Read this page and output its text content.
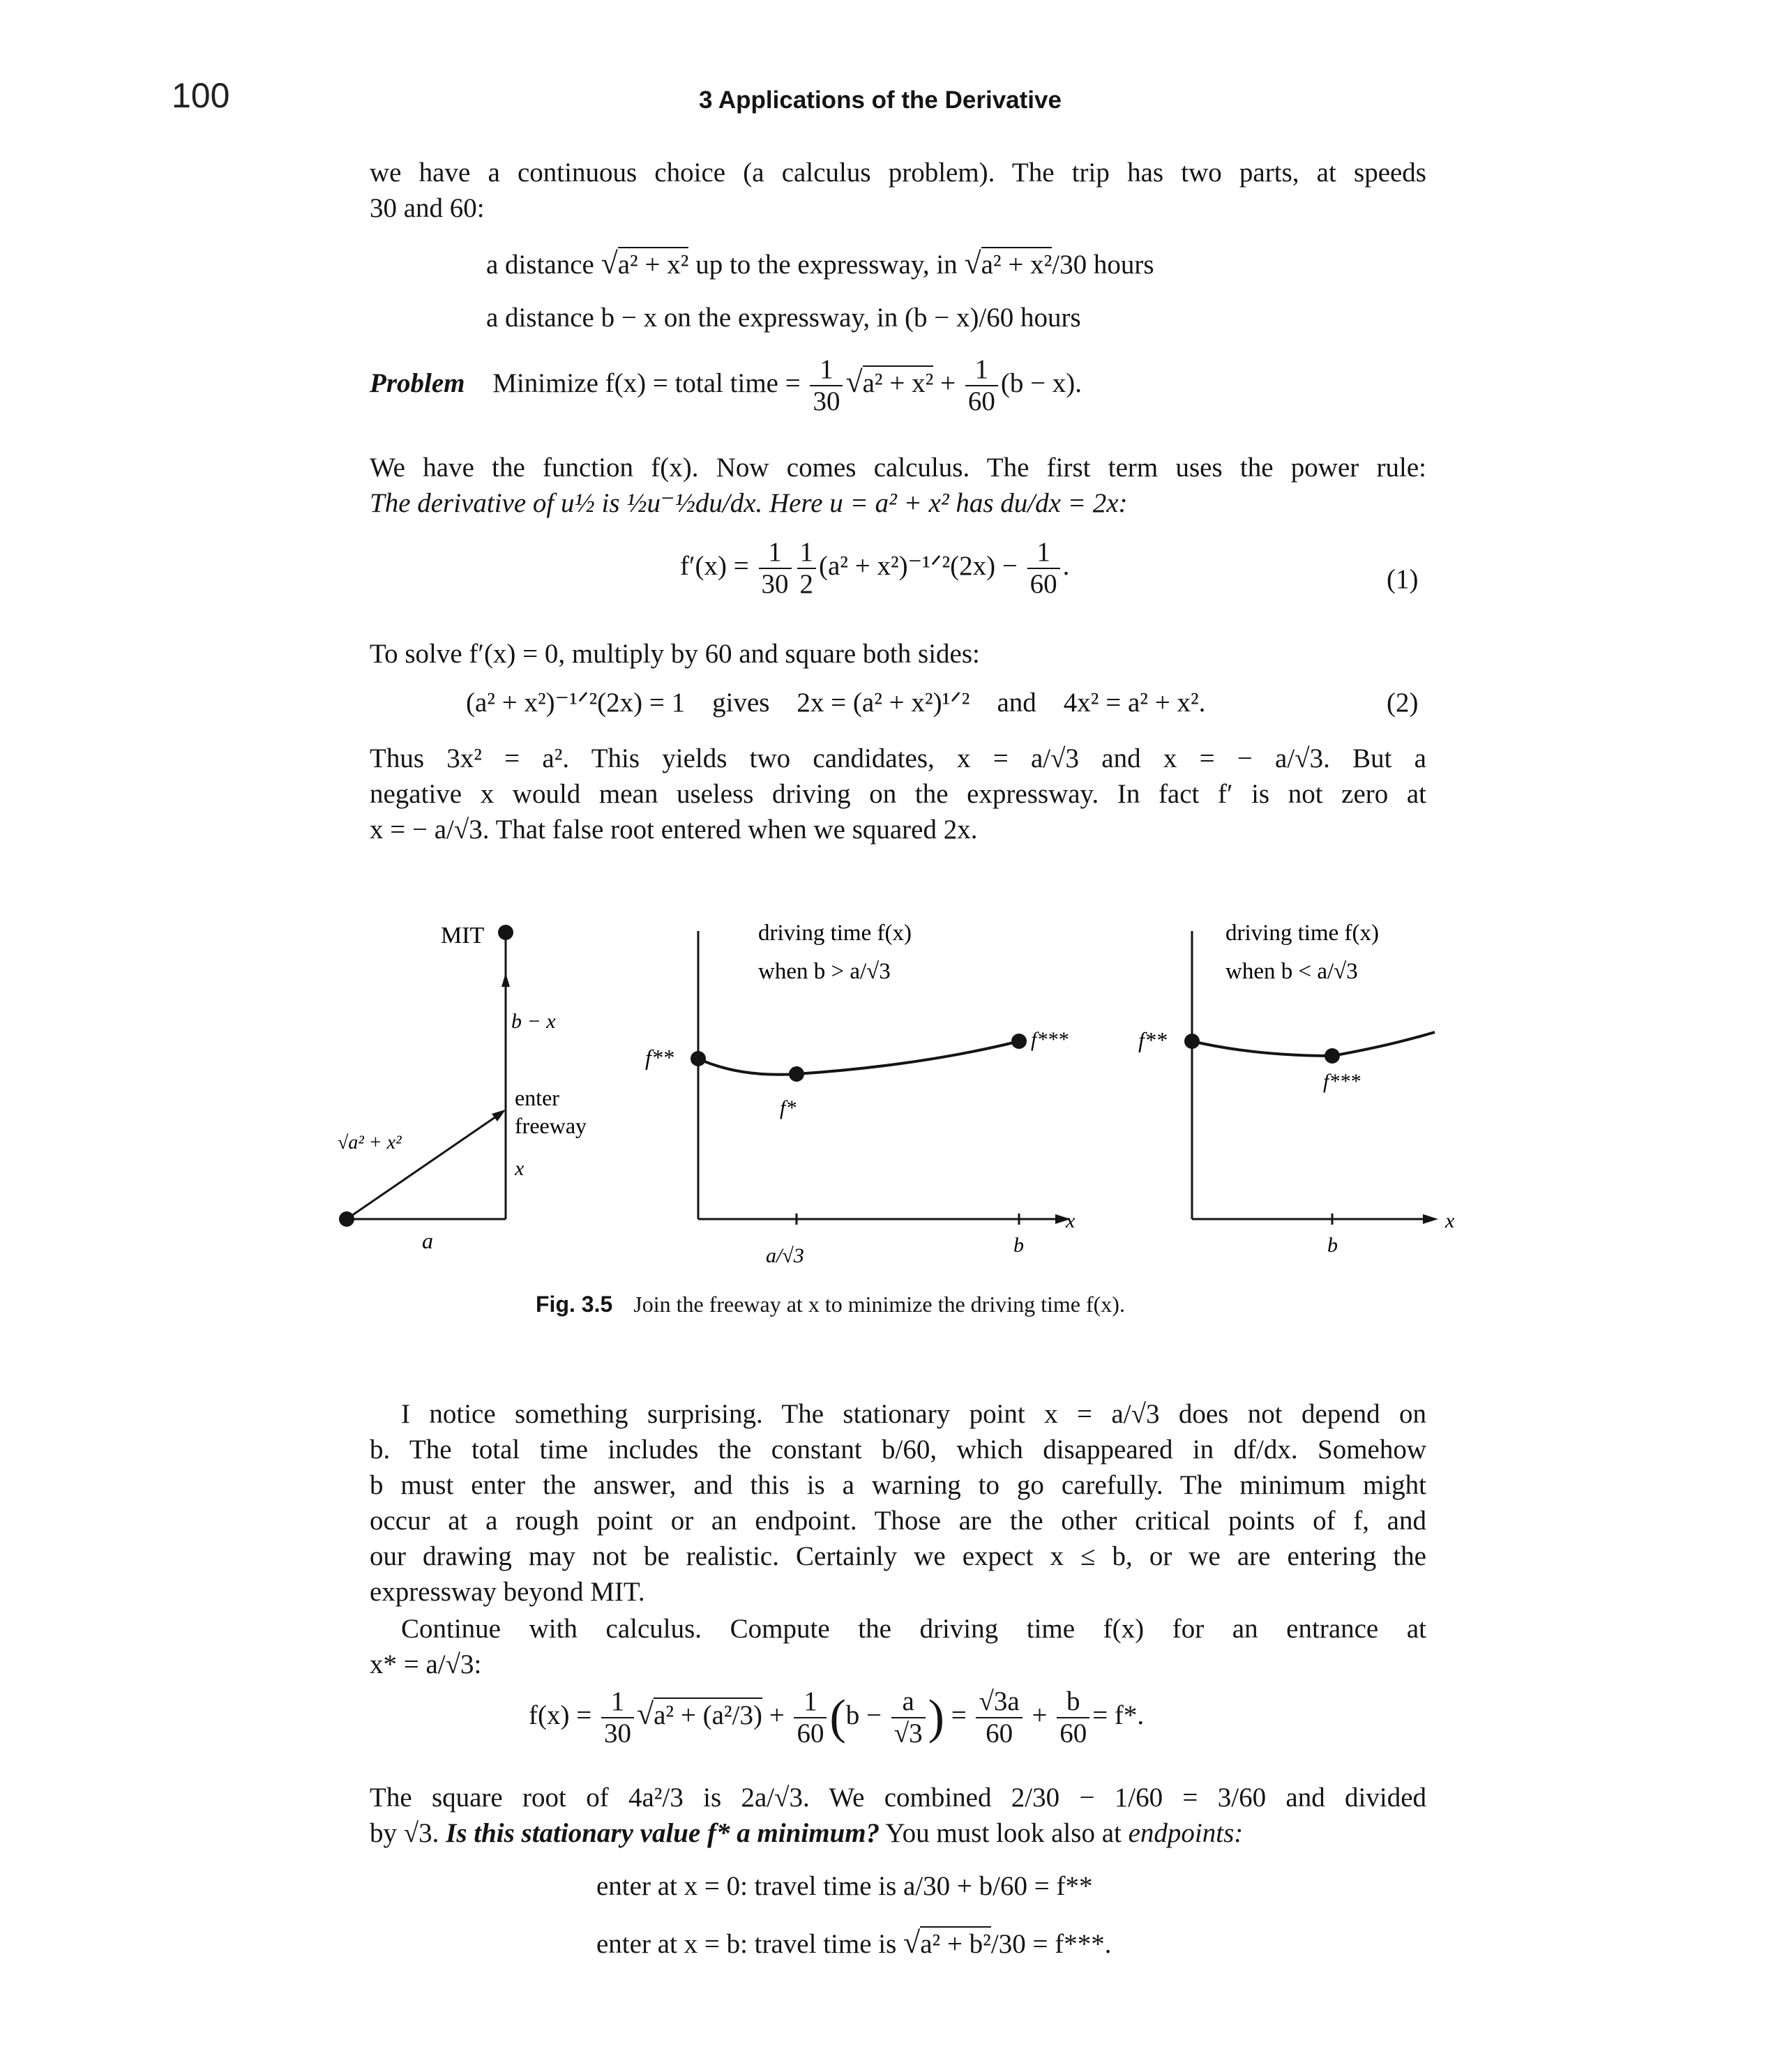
100	3 Applications of the Derivative
we have a continuous choice (a calculus problem). The trip has two parts, at speeds
30 and 60:
a distance √a² + x² up to the expressway, in √a² + x²/30 hours
a distance b − x on the expressway, in (b − x)/60 hours
Problem Minimize f(x) = total time = $\frac{1}{30} √a^2 + x^2 + \frac{1}{60} (b - x)$.
We have the function f(x). Now comes calculus. The first term uses the power rule:
The derivative of u½ is ½u⁻½du/dx. Here u = a² + x² has du/dx = 2x:
$f'(x) = \frac{1}{30} \frac{1}{2} (a^2$ + x²)⁻¹ᐟ²(2x) − $\frac{1}{60}$ .	(1)
To solve f′(x) = 0, multiply by 60 and square both sides:
(a² + x²)⁻¹ᐟ²(2x) = 1    gives    2x = (a² + x²)¹ᐟ²    and    4x² = a² + x².	(2)
Thus 3x² = a². This yields two candidates, x = a/√3 and x = − a/√3. But a
negative x would mean useless driving on the expressway. In fact f′ is not zero at
x = − a/√3. That false root entered when we squared 2x.
MIT
b − x
enter
freeway
x
a
√a² + x²
driving time f(x)
when b > a/√3
f**
f*
f***
a/√3	b
x
driving time f(x)
when b < a/√3
f**
f***
b
x
Fig. 3.5 Join the freeway at x to minimize the driving time f(x).
I notice something surprising. The stationary point x = a/√3 does not depend on
b. The total time includes the constant b/60, which disappeared in df/dx. Somehow
b must enter the answer, and this is a warning to go carefully. The minimum might
occur at a rough point or an endpoint. Those are the other critical points of f, and
our drawing may not be realistic. Certainly we expect x ≤ b, or we are entering the
expressway beyond MIT.
Continue with calculus. Compute the driving time f(x) for an entrance at
x* = a/√3:
$f(x) = \frac{1}{30} √a^2 + (a^2/3) + \frac{1}{60} (b - \frac{a}{√3}$ ) = $\frac{√3a}{60} + \frac{b}{60} = f*$.
The square root of 4a²/3 is 2a/√3. We combined 2/30 − 1/60 = 3/60 and divided
by √3. Is this stationary value f* a minimum? You must look also at endpoints:
enter at x = 0: travel time is a/30 + b/60 = f**
enter at x = b: travel time is √a² + b²/30 = f***.
